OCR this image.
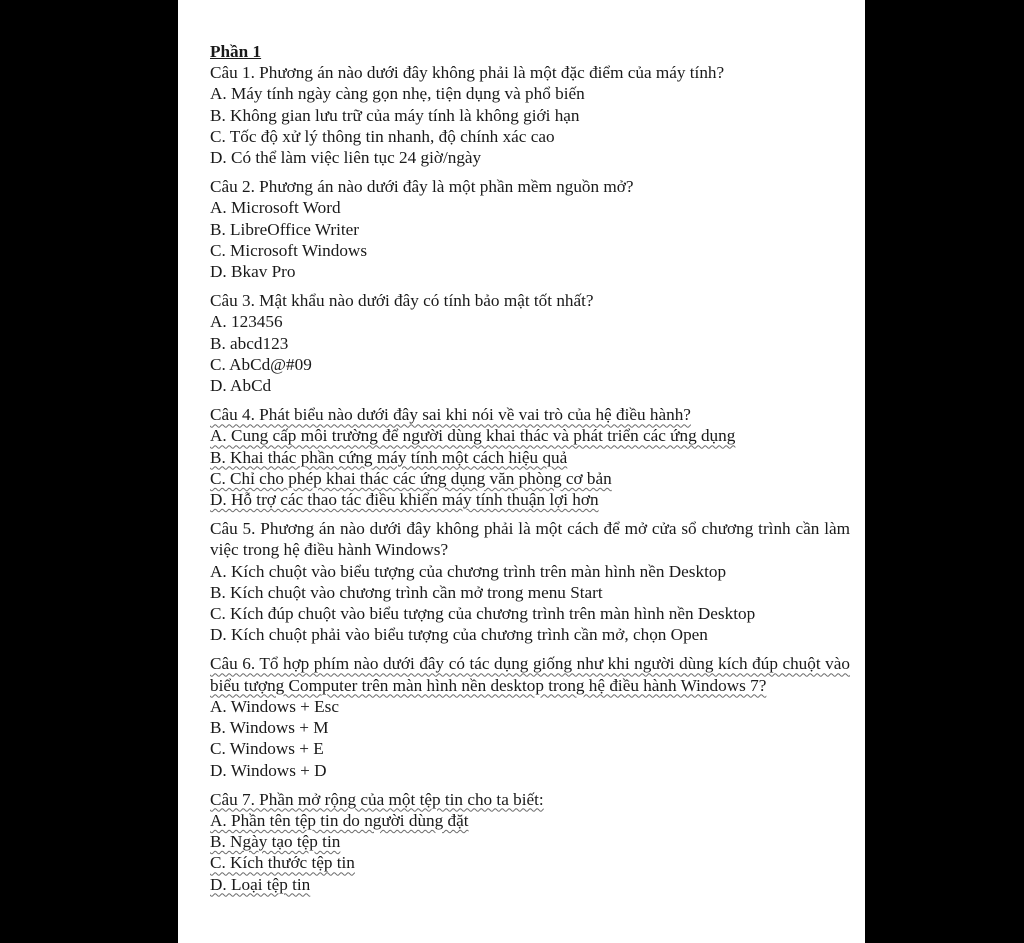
Phần 1

Câu 1. Phương án nào dưới đây không phải là một đặc điểm của máy tính?

A. Máy tính ngày càng gọn nhẹ, tiện dụng và phổ biến

B. Không gian lưu trữ của máy tính là không giới hạn

C. Tốc độ xử lý thông tin nhanh, độ chính xác cao

D. Có thể làm việc liên tục 24 giờ/ngày

Câu 2. Phương án nào dưới đây là một phần mềm nguồn mở?

A. Microsoft Word

B. LibreOffice Writer

C. Microsoft Windows

D. Bkav Pro

Câu 3. Mật khẩu nào dưới đây có tính bảo mật tốt nhất?

A. 123456

B. abcd123

C. AbCd@#09

D. AbCd

Câu 4. Phát biểu nào dưới đây sai khi nói về vai trò của hệ điều hành?

A. Cung cấp môi trường để người dùng khai thác và phát triển các ứng dụng

B. Khai thác phần cứng máy tính một cách hiệu quả

C. Chỉ cho phép khai thác các ứng dụng văn phòng cơ bản

D. Hỗ trợ các thao tác điều khiển máy tính thuận lợi hơn

Câu 5. Phương án nào dưới đây không phải là một cách để mở cửa sổ chương trình cần làm việc trong hệ điều hành Windows?

A. Kích chuột vào biểu tượng của chương trình trên màn hình nền Desktop

B. Kích chuột vào chương trình cần mở trong menu Start

C. Kích đúp chuột vào biểu tượng của chương trình trên màn hình nền Desktop

D. Kích chuột phải vào biểu tượng của chương trình cần mở, chọn Open

Câu 6. Tổ hợp phím nào dưới đây có tác dụng giống như khi người dùng kích đúp chuột vào biểu tượng Computer trên màn hình nền desktop trong hệ điều hành Windows 7?

A. Windows + Esc

B. Windows + M

C. Windows + E

D. Windows + D

Câu 7. Phần mở rộng của một tệp tin cho ta biết:

A. Phần tên tệp tin do người dùng đặt

B. Ngày tạo tệp tin

C. Kích thước tệp tin

D. Loại tệp tin
